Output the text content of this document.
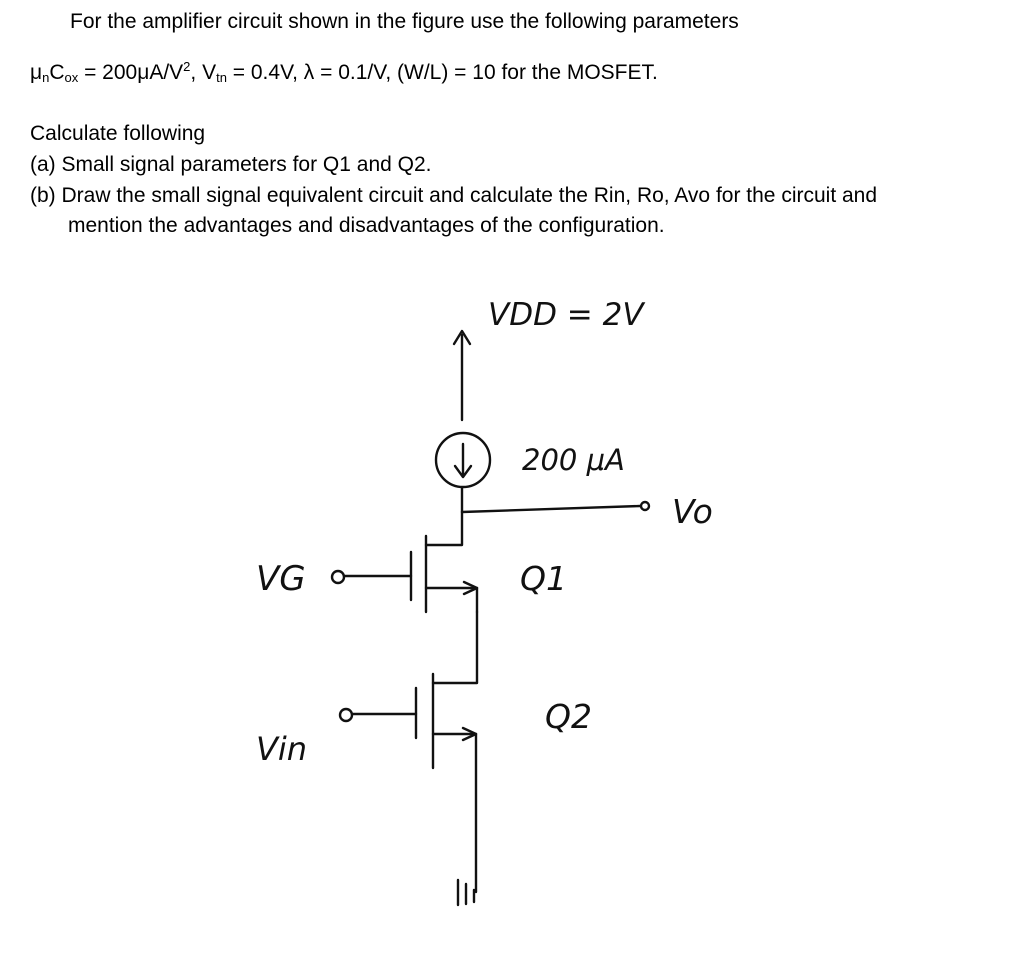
For the amplifier circuit shown in the figure use the following parameters
$\mu_nC_{ox} = 200\mu A/V^2$, $V_{tn} = 0.4V$, λ = 0.1/V, (W/L) = 10 for the MOSFET.
Calculate following
(a) Small signal parameters for Q1 and Q2.
(b) Draw the small signal equivalent circuit and calculate the Rin, Ro, Avo for the circuit and
mention the advantages and disadvantages of the configuration.
VDD = 2V
200 μA
Vo
VG	Q1
Vin
Q2
